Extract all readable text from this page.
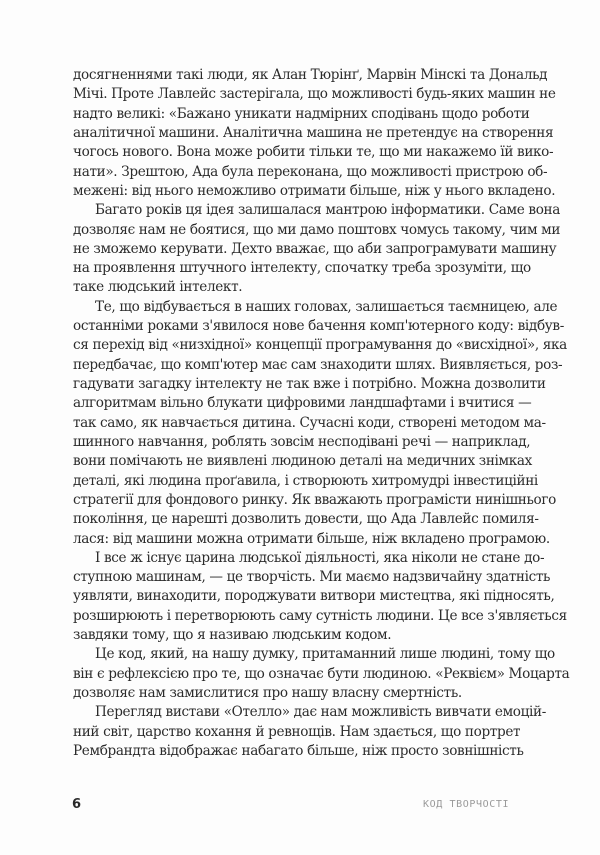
досягненнями такі люди, як Алан Тюрінґ, Марвін Мінскі та Дональд
Мічі. Проте Лавлейс застерігала, що можливості будь-яких машин не
надто великі: «Бажано уникати надмірних сподівань щодо роботи
аналітичної машини. Аналітична машина не претендує на створення
чогось нового. Вона може робити тільки те, що ми накажемо їй вико-
нати». Зрештою, Ада була переконана, що можливості пристрою об-
межені: від нього неможливо отримати більше, ніж у нього вкладено.
Багато років ця ідея залишалася мантрою інформатики. Саме вона
дозволяє нам не боятися, що ми дамо поштовх чомусь такому, чим ми
не зможемо керувати. Дехто вважає, що аби запрограмувати машину
на проявлення штучного інтелекту, спочатку треба зрозуміти, що
таке людський інтелект.
Те, що відбувається в наших головах, залишається таємницею, але
останніми роками з'явилося нове бачення комп'ютерного коду: відбув-
ся перехід від «низхідної» концепції програмування до «висхідної», яка
передбачає, що комп'ютер має сам знаходити шлях. Виявляється, роз-
гадувати загадку інтелекту не так вже і потрібно. Можна дозволити
алгоритмам вільно блукати цифровими ландшафтами і вчитися —
так само, як навчається дитина. Сучасні коди, створені методом ма-
шинного навчання, роблять зовсім несподівані речі — наприклад,
вони помічають не виявлені людиною деталі на медичних знімках
деталі, які людина проґавила, і створюють хитромудрі інвестиційні
стратегії для фондового ринку. Як вважають програмісти нинішнього
покоління, це нарешті дозволить довести, що Ада Лавлейс помиля-
лася: від машини можна отримати більше, ніж вкладено програмою.
І все ж існує царина людської діяльності, яка ніколи не стане до-
ступною машинам, — це творчість. Ми маємо надзвичайну здатність
уявляти, винаходити, породжувати витвори мистецтва, які підносять,
розширюють і перетворюють саму сутність людини. Це все з'являється
завдяки тому, що я називаю людським кодом.
Це код, який, на нашу думку, притаманний лише людині, тому що
він є рефлексією про те, що означає бути людиною. «Реквієм» Моцарта
дозволяє нам замислитися про нашу власну смертність.
Перегляд вистави «Отелло» дає нам можливість вивчати емоцій-
ний світ, царство кохання й ревнощів. Нам здається, що портрет
Рембрандта відображає набагато більше, ніж просто зовнішність
6	КОД ТВОРЧОСТІ
